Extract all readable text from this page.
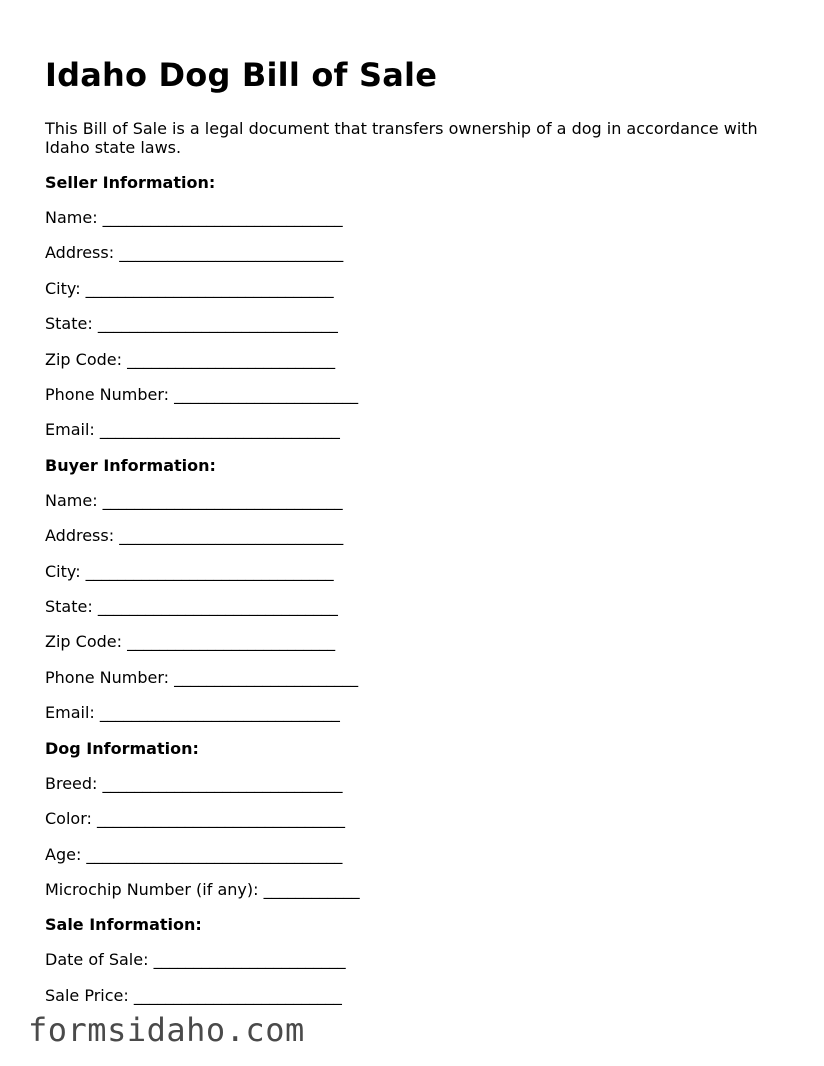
Idaho Dog Bill of Sale

This Bill of Sale is a legal document that transfers ownership of a dog in accordance with Idaho state laws.

Seller Information:
Name: ______________________________
Address: ____________________________
City: _______________________________
State: ______________________________
Zip Code: __________________________
Phone Number: _______________________
Email: ______________________________
Buyer Information:
Name: ______________________________
Address: ____________________________
City: _______________________________
State: ______________________________
Zip Code: __________________________
Phone Number: _______________________
Email: ______________________________
Dog Information:
Breed: ______________________________
Color: _______________________________
Age: ________________________________
Microchip Number (if any): ____________
Sale Information:
Date of Sale: ________________________
Sale Price: __________________________
formsidaho.com
